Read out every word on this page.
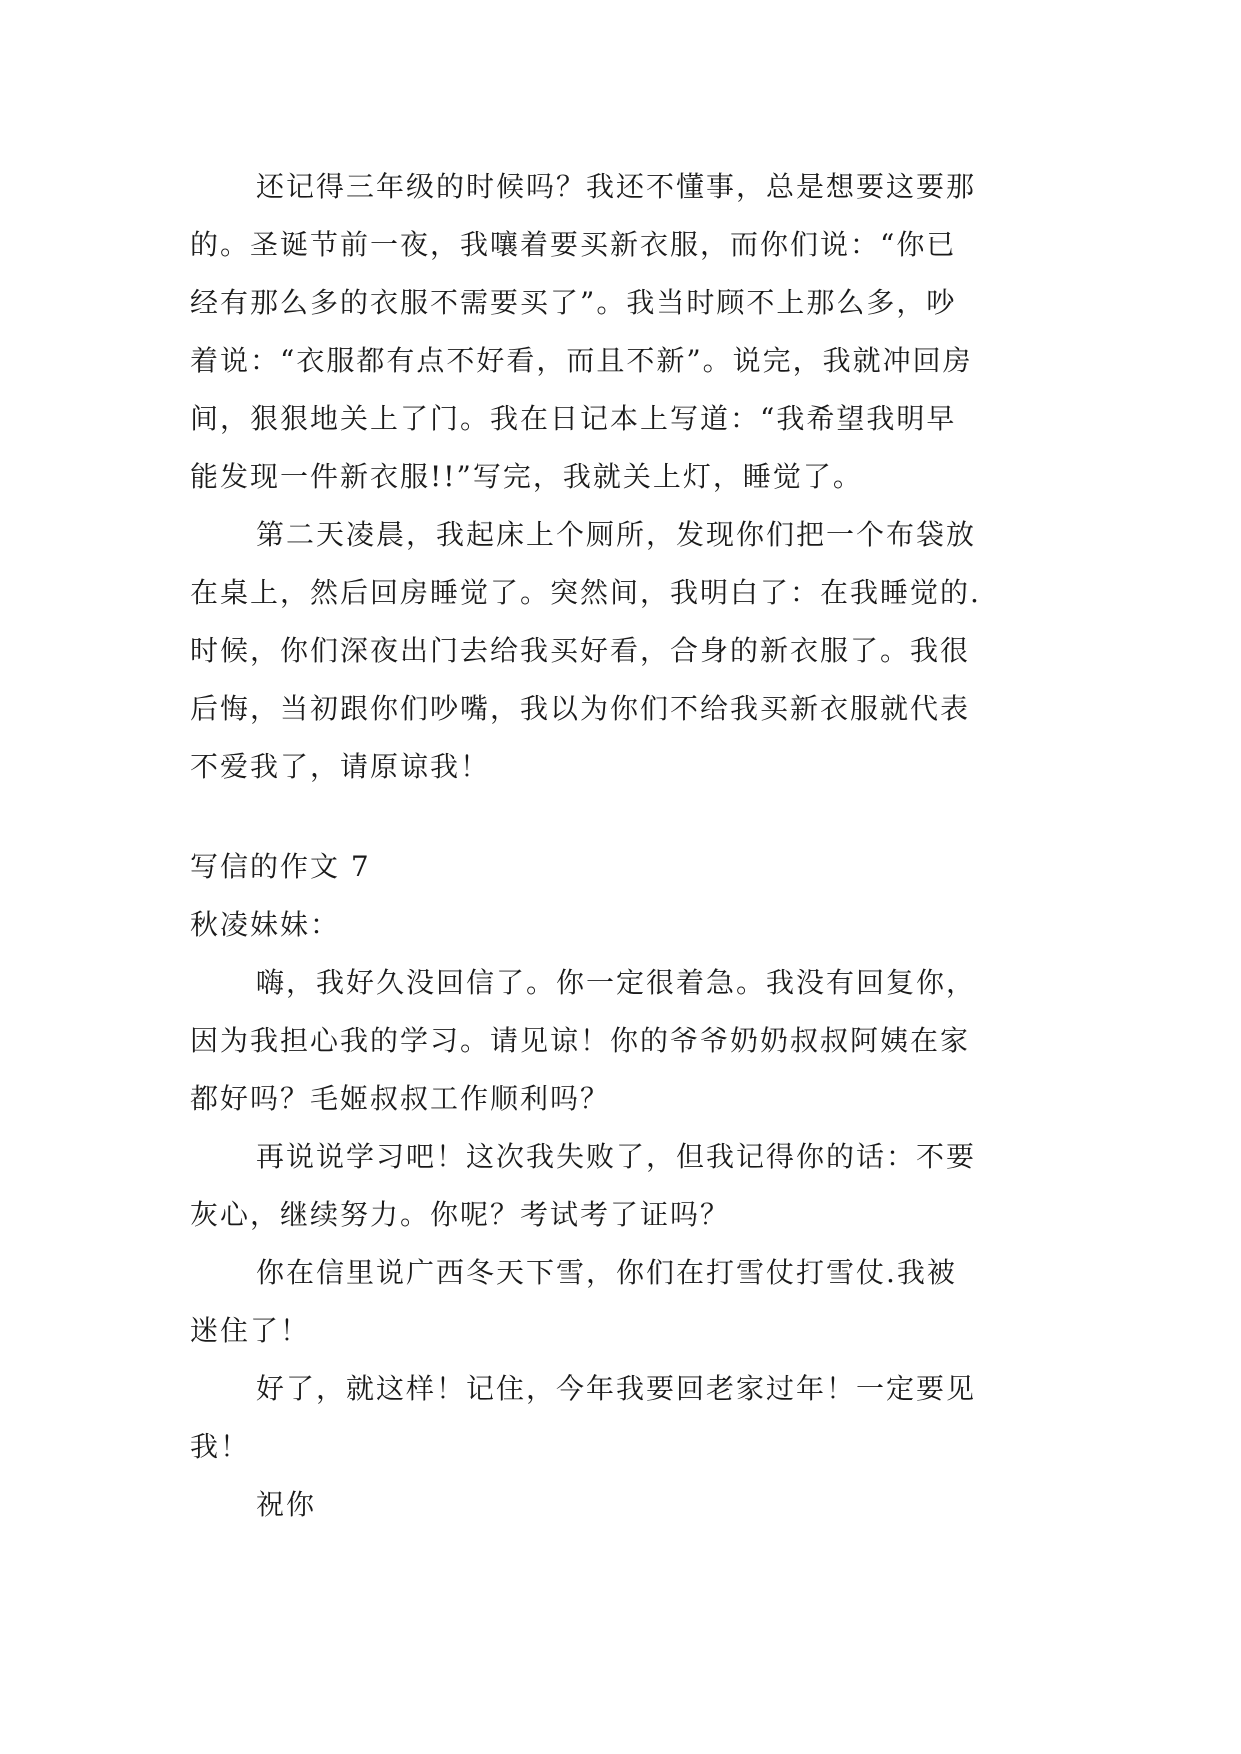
还记得三年级的时候吗？我还不懂事，总是想要这要那
的。圣诞节前一夜，我嚷着要买新衣服，而你们说：“你已
经有那么多的衣服不需要买了”。我当时顾不上那么多，吵
着说：“衣服都有点不好看，而且不新”。说完，我就冲回房
间，狠狠地关上了门。我在日记本上写道：“我希望我明早
能发现一件新衣服!!”写完，我就关上灯，睡觉了。
第二天凌晨，我起床上个厕所，发现你们把一个布袋放
在桌上，然后回房睡觉了。突然间，我明白了：在我睡觉的.
时候，你们深夜出门去给我买好看，合身的新衣服了。我很
后悔，当初跟你们吵嘴，我以为你们不给我买新衣服就代表
不爱我了，请原谅我！
写信的作文 7
秋凌妹妹：
嗨，我好久没回信了。你一定很着急。我没有回复你，
因为我担心我的学习。请见谅！你的爷爷奶奶叔叔阿姨在家
都好吗？毛姬叔叔工作顺利吗？
再说说学习吧！这次我失败了，但我记得你的话：不要
灰心，继续努力。你呢？考试考了证吗？
你在信里说广西冬天下雪，你们在打雪仗打雪仗.我被
迷住了！
好了，就这样！记住，今年我要回老家过年！一定要见
我！
祝你
